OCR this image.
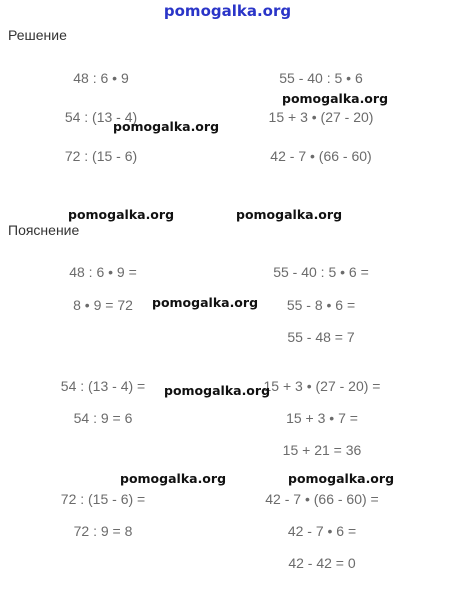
pomogalka.org
Решение
48 : 6 • 9
54 : (13 - 4)
72 : (15 - 6)
55 - 40 : 5 • 6
15 + 3 • (27 - 20)
42 - 7 • (66 - 60)
Пояснение
48 : 6 • 9 =
8 • 9 = 72
55 - 40 : 5 • 6 =
55 - 8 • 6 =
55 - 48 = 7
54 : (13 - 4) =
54 : 9 = 6
15 + 3 • (27 - 20) =
15 + 3 • 7 =
15 + 21 = 36
72 : (15 - 6) =
72 : 9 = 8
42 - 7 • (66 - 60) =
42 - 7 • 6 =
42 - 42 = 0
pomogalka.org
pomogalka.org
pomogalka.org	pomogalka.org
pomogalka.org
pomogalka.org
pomogalka.org	pomogalka.org
